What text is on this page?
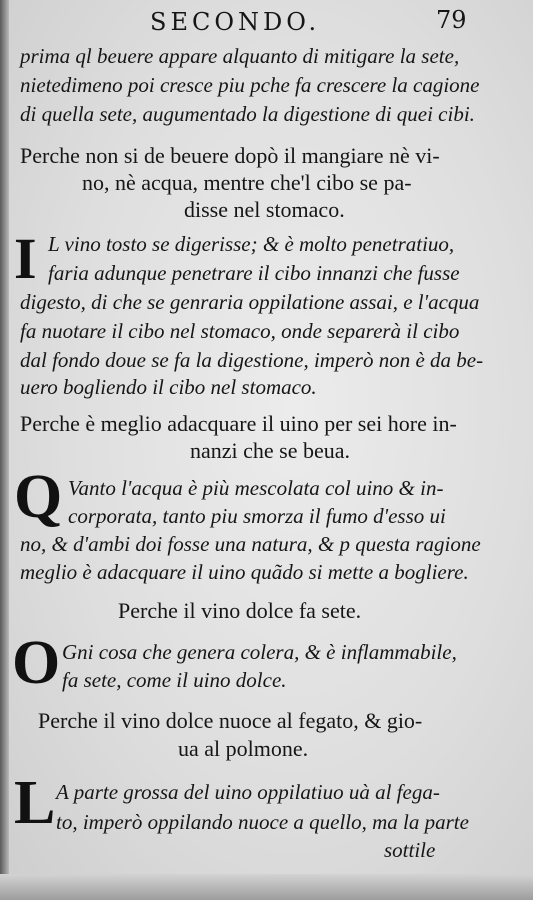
SECONDO.	79
prima ql beuere appare alquanto di mitigare la sete,
nietedimeno poi cresce piu pche fa crescere la cagione
di quella sete, augumentado la digestione di quei cibi.
Perche non si de beuere dopò il mangiare nè vi-
no, nè acqua, mentre che'l cibo se pa-
disse nel stomaco.
I L vino tosto se digerisse; & è molto penetratiuo,
faria adunque penetrare il cibo innanzi che fusse
digesto, di che se genraria oppilatione assai, e l'acqua
fa nuotare il cibo nel stomaco, onde separerà il cibo
dal fondo doue se fa la digestione, imperò non è da be-
uero bogliendo il cibo nel stomaco.
Perche è meglio adacquare il uino per sei hore in-
nanzi che se beua.
Q Vanto l'acqua è più mescolata col uino & in-
corporata, tanto piu smorza il fumo d'esso ui
no, & d'ambi doi fosse una natura, & p questa ragione
meglio è adacquare il uino quãdo si mette a bogliere.
Perche il vino dolce fa sete.
O Gni cosa che genera colera, & è inflammabile,
fa sete, come il uino dolce.
Perche il vino dolce nuoce al fegato, & gio-
ua al polmone.
L A parte grossa del uino oppilatiuo uà al fega-
to, imperò oppilando nuoce a quello, ma la parte
sottile
